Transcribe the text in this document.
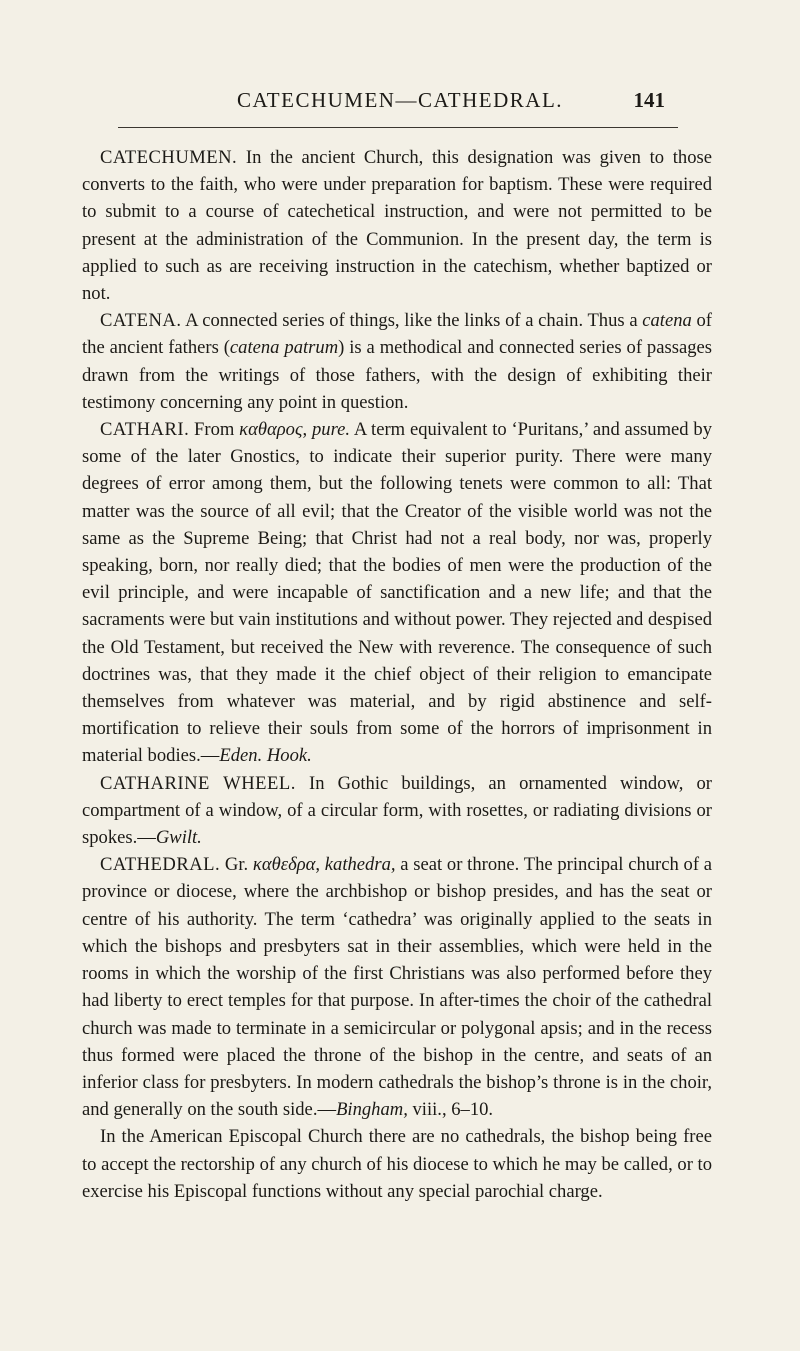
CATECHUMEN—CATHEDRAL.	141

CATECHUMEN. In the ancient Church, this designation was given to those converts to the faith, who were under preparation for baptism. These were required to submit to a course of catechetical instruction, and were not permitted to be present at the administration of the Communion. In the present day, the term is applied to such as are receiving instruction in the catechism, whether baptized or not.

CATENA. A connected series of things, like the links of a chain. Thus a catena of the ancient fathers (catena patrum) is a methodical and connected series of passages drawn from the writings of those fathers, with the design of exhibiting their testimony concerning any point in question.

CATHARI. From καθαρος, pure. A term equivalent to ‘Puritans,’ and assumed by some of the later Gnostics, to indicate their superior purity. There were many degrees of error among them, but the following tenets were common to all: That matter was the source of all evil; that the Creator of the visible world was not the same as the Supreme Being; that Christ had not a real body, nor was, properly speaking, born, nor really died; that the bodies of men were the production of the evil principle, and were incapable of sanctification and a new life; and that the sacraments were but vain institutions and without power. They rejected and despised the Old Testament, but received the New with reverence. The consequence of such doctrines was, that they made it the chief object of their religion to emancipate themselves from whatever was material, and by rigid abstinence and self-mortification to relieve their souls from some of the horrors of imprisonment in material bodies.—Eden. Hook.

CATHARINE WHEEL. In Gothic buildings, an ornamented window, or compartment of a window, of a circular form, with rosettes, or radiating divisions or spokes.—Gwilt.

CATHEDRAL. Gr. καθεδρα, kathedra, a seat or throne. The principal church of a province or diocese, where the archbishop or bishop presides, and has the seat or centre of his authority. The term ‘cathedra’ was originally applied to the seats in which the bishops and presbyters sat in their assemblies, which were held in the rooms in which the worship of the first Christians was also performed before they had liberty to erect temples for that purpose. In after-times the choir of the cathedral church was made to terminate in a semicircular or polygonal apsis; and in the recess thus formed were placed the throne of the bishop in the centre, and seats of an inferior class for presbyters. In modern cathedrals the bishop’s throne is in the choir, and generally on the south side.—Bingham, viii., 6–10.

In the American Episcopal Church there are no cathedrals, the bishop being free to accept the rectorship of any church of his diocese to which he may be called, or to exercise his Episcopal functions without any special parochial charge.
